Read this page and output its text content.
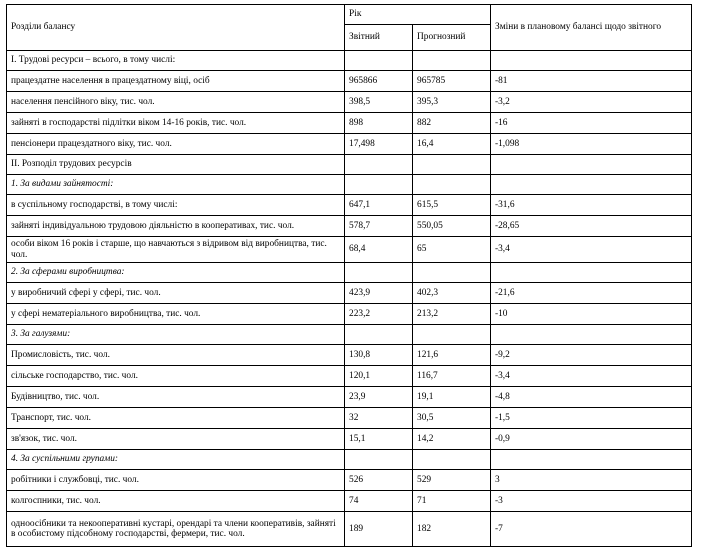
Розділи балансу	Рік		Зміни в плановому балансі щодо звітного
	Звітний	Прогнозний	
I. Трудові ресурси – всього, в тому числі:			
працездатне населення в працездатному віці, осіб	965866	965785	-81
населення пенсійного віку, тис. чол.	398,5	395,3	-3,2
зайняті в господарстві підлітки віком 14-16 років, тис. чол.	898	882	-16
пенсіонери працездатного віку, тис. чол.	17,498	16,4	-1,098
II. Розподіл трудових ресурсів			
1. За видами зайнятості:			
в суспільному господарстві, в тому числі:	647,1	615,5	-31,6
зайняті індивідуальною трудовою діяльністю в кооперативах, тис. чол.	578,7	550,05	-28,65
особи віком 16 років і старше, що навчаються з відривом від виробництва, тис. чол.	68,4	65	-3,4
2. За сферами виробництва:			
у виробничий сфері у сфері, тис. чол.	423,9	402,3	-21,6
у сфері нематеріального виробництва, тис. чол.	223,2	213,2	-10
3. За галузями:			
Промисловість, тис. чол.	130,8	121,6	-9,2
сільське господарство, тис. чол.	120,1	116,7	-3,4
Будівництво, тис. чол.	23,9	19,1	-4,8
Транспорт, тис. чол.	32	30,5	-1,5
зв'язок, тис. чол.	15,1	14,2	-0,9
4. За суспільними групами:			
робітники і службовці, тис. чол.	526	529	3
колгоспники, тис. чол.	74	71	-3
одноосібники та некооперативні кустарі, орендарі та члени кооперативів, зайняті в особистому підсобному господарстві, фермери, тис. чол.	189	182	-7
